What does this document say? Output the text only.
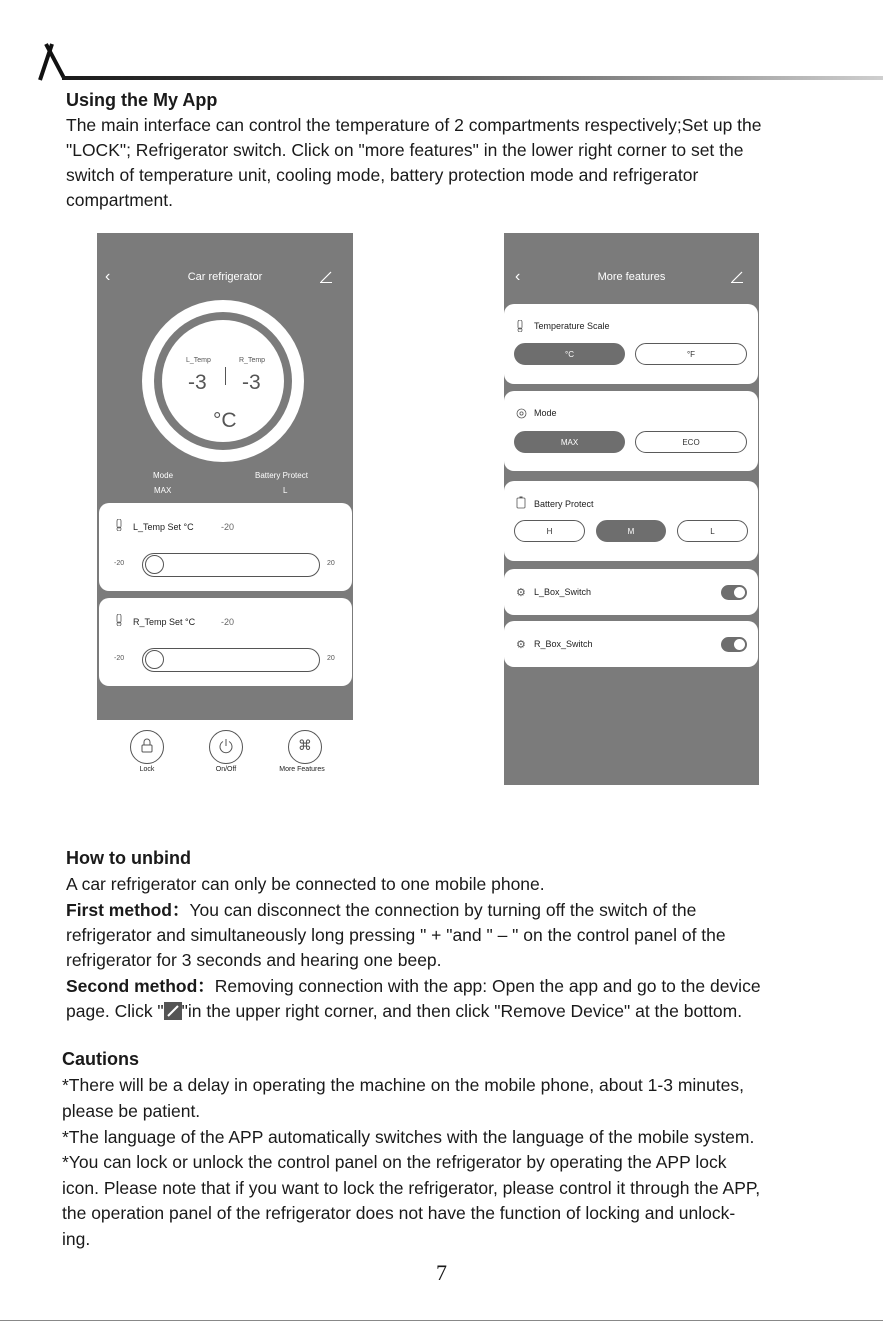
Using the My App
The main interface can control the temperature of 2 compartments respectively;Set up the
"LOCK"; Refrigerator switch. Click on "more features" in the lower right corner to set the
switch of temperature unit, cooling mode, battery protection mode and refrigerator
compartment.
‹	Car refrigerator
L_Temp	R_Temp
-3 -3
°C
Mode
MAX
Battery Protect
L
L_Temp Set °C	-20
-20	20
R_Temp Set °C	-20
-20	20
Lock	On/Off
⌘
More Features
‹	More features
Temperature Scale
°C	°F
Mode
MAX	ECO
Battery Protect
H	M	L
⚙ L_Box_Switch
⚙ R_Box_Switch
How to unbind
A car refrigerator can only be connected to one mobile phone.
First method：You can disconnect the connection by turning off the switch of the
refrigerator and simultaneously long pressing " + "and " – " on the control panel of the
refrigerator for 3 seconds and hearing one beep.
Second method：Removing connection with the app: Open the app and go to the device
page. Click " "in the upper right corner, and then click "Remove Device" at the bottom.
Cautions
*There will be a delay in operating the machine on the mobile phone, about 1-3 minutes,
please be patient.
*The language of the APP automatically switches with the language of the mobile system.
*You can lock or unlock the control panel on the refrigerator by operating the APP lock
icon. Please note that if you want to lock the refrigerator, please control it through the APP,
the operation panel of the refrigerator does not have the function of locking and unlock-
ing.
7
